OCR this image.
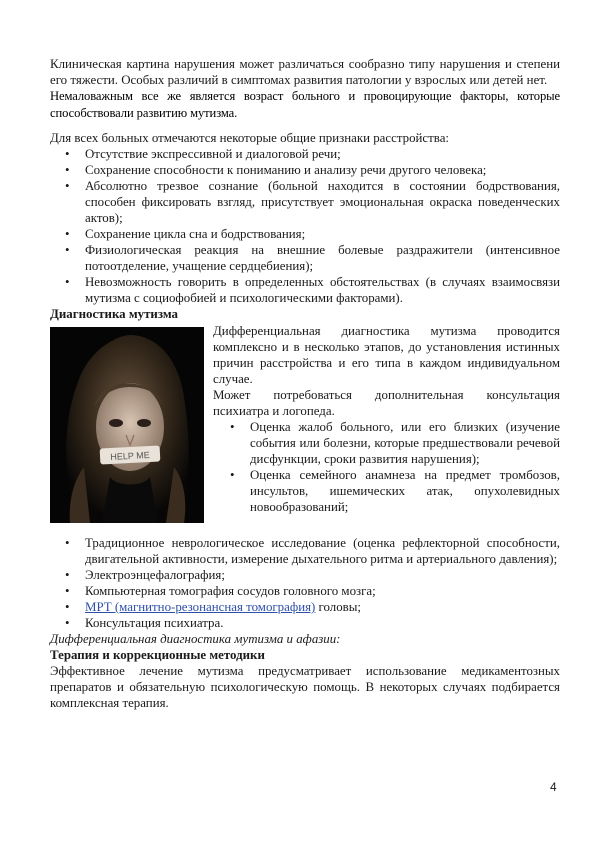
Клиническая картина нарушения может различаться сообразно типу нарушения и степени его тяжести. Особых различий в симптомах развития патологии у взрослых или детей нет.

Немаловажным все же является возраст больного и провоцирующие факторы, которые способствовали развитию мутизма.

Для всех больных отмечаются некоторые общие признаки расстройства:

• Отсутствие экспрессивной и диалоговой речи;
• Сохранение способности к пониманию и анализу речи другого человека;
• Абсолютно трезвое сознание (больной находится в состоянии бодрствования, способен фиксировать взгляд, присутствует эмоциональная окраска поведенческих актов);
• Сохранение цикла сна и бодрствования;
• Физиологическая реакция на внешние болевые раздражители (интенсивное потоотделение, учащение сердцебиения);
• Невозможность говорить в определенных обстоятельствах (в случаях взаимосвязи мутизма с социофобией и психологическими факторами).

Диагностика мутизма

HELP ME

Дифференциальная диагностика мутизма проводится комплексно и в несколько этапов, до установления истинных причин расстройства и его типа в каждом индивидуальном случае.

Может потребоваться дополнительная консультация психиатра и логопеда.

• Оценка жалоб больного, или его близких (изучение события или болезни, которые предшествовали речевой дисфункции, сроки развития нарушения);
• Оценка семейного анамнеза на предмет тромбозов, инсультов, ишемических атак, опухолевидных новообразований;
• Традиционное неврологическое исследование (оценка рефлекторной способности, двигательной активности, измерение дыхательного ритма и артериального давления);
• Электроэнцефалография;
• Компьютерная томография сосудов головного мозга;
• МРТ (магнитно-резонансная томография) головы;
• Консультация психиатра.

Дифференциальная диагностика мутизма и афазии:

Терапия и коррекционные методики

Эффективное лечение мутизма предусматривает использование медикаментозных препаратов и обязательную психологическую помощь. В некоторых случаях подбирается комплексная терапия.

4
